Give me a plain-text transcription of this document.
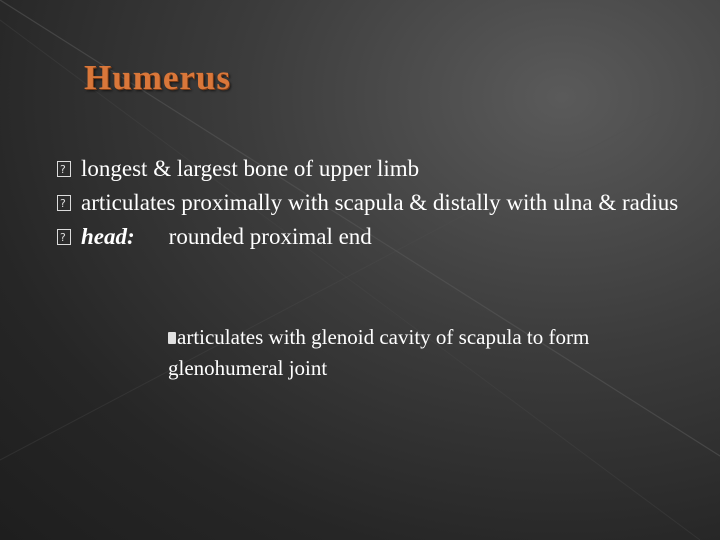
Humerus
?
longest & largest bone of upper limb
?
articulates proximally with scapula & distally with ulna & radius
?
head: rounded proximal end
articulates with glenoid cavity of scapula to form glenohumeral joint
